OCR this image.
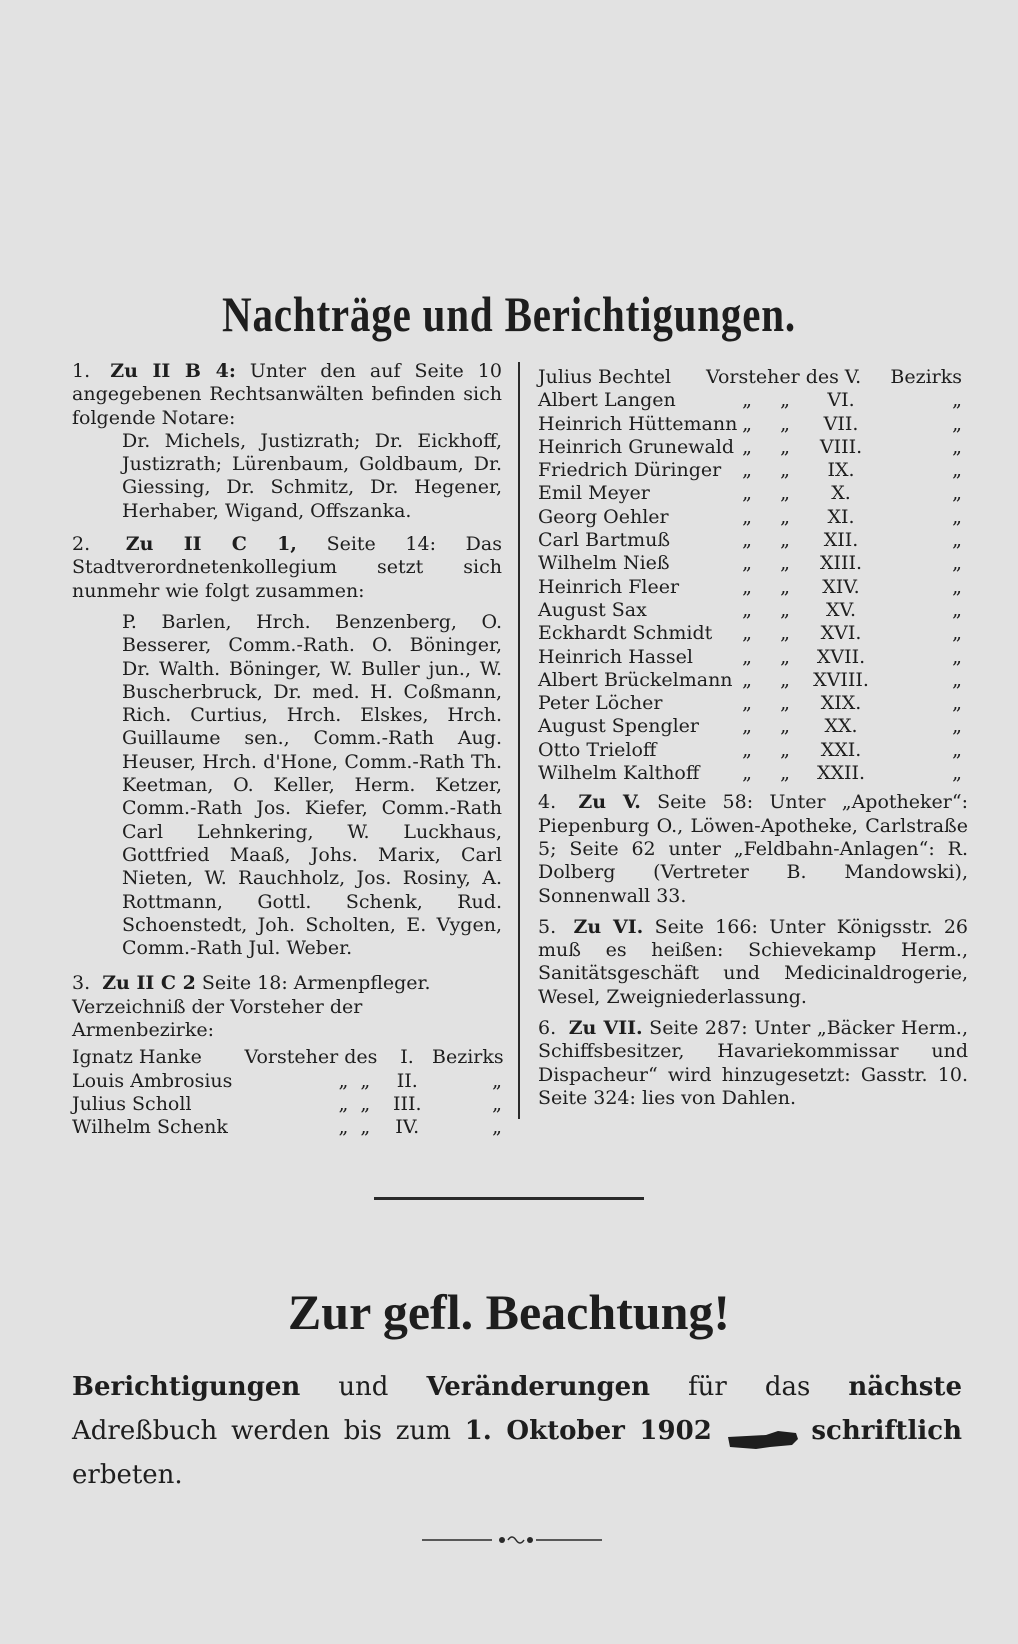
Nachträge und Berichtigungen.
1. Zu II B 4: Unter den auf Seite 10 angegebenen Rechtsanwälten befinden sich folgende Notare:
Dr. Michels, Justizrath; Dr. Eickhoff, Justizrath; Lürenbaum, Goldbaum, Dr. Giessing, Dr. Schmitz, Dr. Hegener, Herhaber, Wigand, Offszanka.
2. Zu II C 1, Seite 14: Das Stadtverordnetenkollegium setzt sich nunmehr wie folgt zusammen:
P. Barlen, Hrch. Benzenberg, O. Besserer, Comm.-Rath. O. Böninger, Dr. Walth. Böninger, W. Buller jun., W. Buscherbruck, Dr. med. H. Coßmann, Rich. Curtius, Hrch. Elskes, Hrch. Guillaume sen., Comm.-Rath Aug. Heuser, Hrch. d'Hone, Comm.-Rath Th. Keetman, O. Keller, Herm. Ketzer, Comm.-Rath Jos. Kiefer, Comm.-Rath Carl Lehnkering, W. Luckhaus, Gottfried Maaß, Johs. Marix, Carl Nieten, W. Rauchholz, Jos. Rosiny, A. Rottmann, Gottl. Schenk, Rud. Schoenstedt, Joh. Scholten, E. Vygen, Comm.-Rath Jul. Weber.
3. Zu II C 2 Seite 18: Armenpfleger.
Verzeichniß der Vorsteher der Armenbezirke:
Ignatz Hanke	Vorsteher des	I. Bezirks
Louis Ambrosius	„ „	II.	„
Julius Scholl	„ „	III.	„
Wilhelm Schenk	„ „	IV.	„
Julius Bechtel	Vorsteher des V.	Bezirks
Albert Langen	„	„	VI.	„
Heinrich Hüttemann „	„	VII.	„
Heinrich Grunewald „	„	VIII.	„
Friedrich Düringer	„	„	IX.	„
Emil Meyer	„	„	X.	„
Georg Oehler	„	„	XI.	„
Carl Bartmuß	„	„	XII.	„
Wilhelm Nieß	„	„	XIII.	„
Heinrich Fleer	„	„	XIV.	„
August Sax	„	„	XV.	„
Eckhardt Schmidt	„	„	XVI.	„
Heinrich Hassel	„	„	XVII.	„
Albert Brückelmann „	„	XVIII.	„
Peter Löcher	„	„	XIX.	„
August Spengler	„	„	XX.	„
Otto Trieloff	„	„	XXI.	„
Wilhelm Kalthoff	„	„	XXII.	„
4. Zu V. Seite 58: Unter „Apotheker“: Piepenburg O., Löwen-Apotheke, Carlstraße 5; Seite 62 unter „Feldbahn-Anlagen“: R. Dolberg (Vertreter B. Mandowski), Sonnenwall 33.
5. Zu VI. Seite 166: Unter Königsstr. 26 muß es heißen: Schievekamp Herm., Sanitätsgeschäft und Medicinaldrogerie, Wesel, Zweigniederlassung.
6. Zu VII. Seite 287: Unter „Bäcker Herm., Schiffsbesitzer, Havariekommissar und Dispacheur“ wird hinzugesetzt: Gasstr. 10. Seite 324: lies von Dahlen.
Zur gefl. Beachtung!
Berichtigungen und Veränderungen für das nächste Adreßbuch werden bis zum 1. Oktober 1902	schriftlich erbeten.
